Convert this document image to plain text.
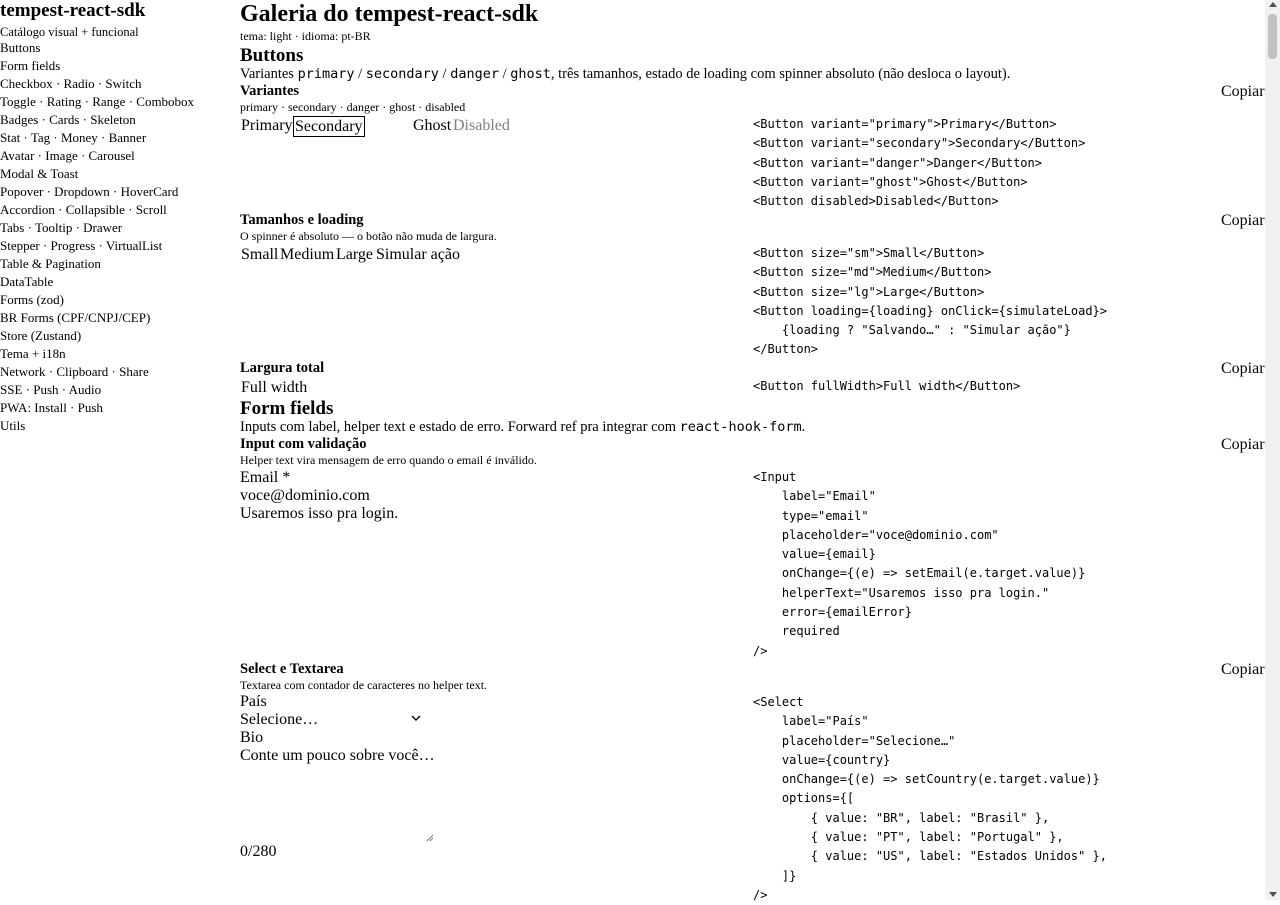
tempest-react-sdk
Catálogo visual + funcional
Buttons
Form fields
Checkbox · Radio · Switch
Toggle · Rating · Range · Combobox
Badges · Cards · Skeleton
Stat · Tag · Money · Banner
Avatar · Image · Carousel
Modal & Toast
Popover · Dropdown · HoverCard
Accordion · Collapsible · Scroll
Tabs · Tooltip · Drawer
Stepper · Progress · VirtualList
Table & Pagination
DataTable
Forms (zod)
BR Forms (CPF/CNPJ/CEP)
Store (Zustand)
Tema + i18n
Network · Clipboard · Share
SSE · Push · Audio
PWA: Install · Push
Utils
Galeria do tempest-react-sdk
tema: light · idioma: pt-BR
Buttons
Variantes primary / secondary / danger / ghost, três tamanhos, estado de loading com spinner absoluto (não desloca o layout).
Variantes	Copiar
primary · secondary · danger · ghost · disabled
Primary Secondary	Ghost Disabled	<Button variant="primary">Primary</Button>
<Button variant="secondary">Secondary</Button>
<Button variant="danger">Danger</Button>
<Button variant="ghost">Ghost</Button>
<Button disabled>Disabled</Button>
Tamanhos e loading	Copiar
O spinner é absoluto — o botão não muda de largura.
Small Medium Large Simular ação	<Button size="sm">Small</Button>
<Button size="md">Medium</Button>
<Button size="lg">Large</Button>
<Button loading={loading} onClick={simulateLoad}>
{loading ? "Salvando…" : "Simular ação"}
</Button>
Largura total	Copiar
Full width	<Button fullWidth>Full width</Button>
Form fields
Inputs com label, helper text e estado de erro. Forward ref pra integrar com react-hook-form.
Input com validação	Copiar
Helper text vira mensagem de erro quando o email é inválido.
Email *
voce@dominio.com
Usaremos isso pra login.
<Input
label="Email"
type="email"
placeholder="voce@dominio.com"
value={email}
onChange={(e) => setEmail(e.target.value)}
helperText="Usaremos isso pra login."
error={emailError}
required
/>
Select e Textarea	Copiar
Textarea com contador de caracteres no helper text.
País
Selecione…
Bio
Conte um pouco sobre você…
0/280
<Select
label="País"
placeholder="Selecione…"
value={country}
onChange={(e) => setCountry(e.target.value)}
options={[
{ value: "BR", label: "Brasil" },
{ value: "PT", label: "Portugal" },
{ value: "US", label: "Estados Unidos" },
]}
/>
